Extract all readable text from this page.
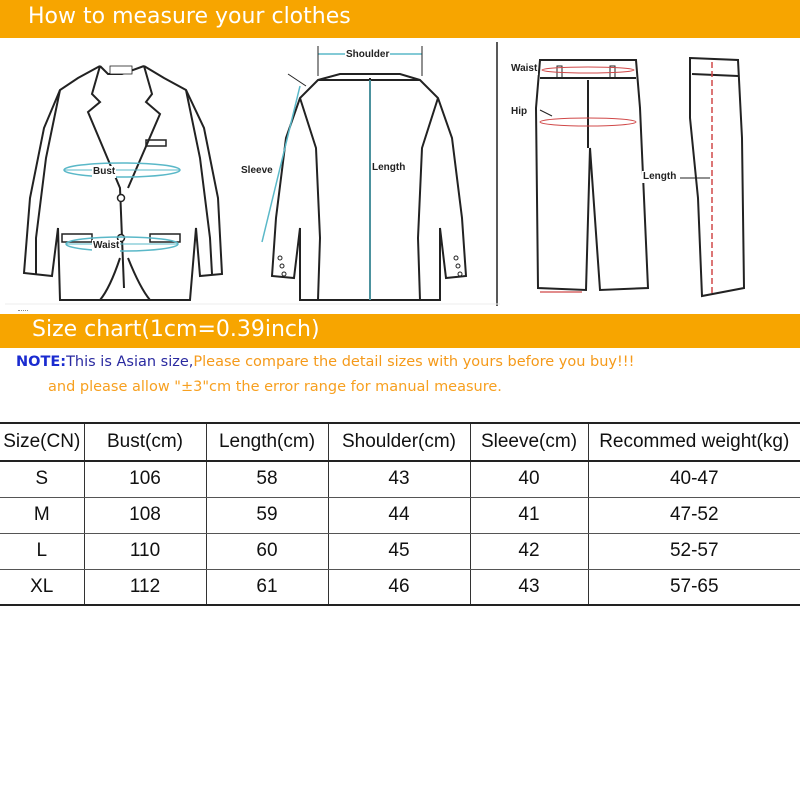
How to measure your clothes
Bust
Waist
Shoulder
Sleeve	Length
Waist
Hip
Length
Size chart(1cm=0.39inch)
NOTE:This is Asian size,Please compare the detail sizes with yours before you buy!!!
and please allow "±3"cm the error range for manual measure.
Size(CN)	Bust(cm)	Length(cm)	Shoulder(cm)	Sleeve(cm)	Recommed weight(kg)
S	106	58	43	40	40-47
M	108	59	44	41	47-52
L	110	60	45	42	52-57
XL	112	61	46	43	57-65
